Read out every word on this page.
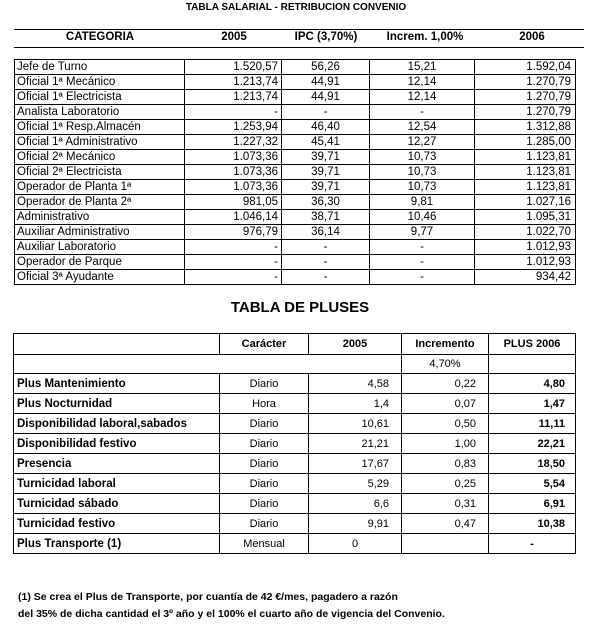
TABLA SALARIAL - RETRIBUCION CONVENIO
CATEGORIA	2005	IPC (3,70%)	Increm. 1,00%	2006
Jefe de Turno	1.520,57	56,26	15,21	1.592,04
Oficial 1ª Mecánico	1.213,74	44,91	12,14	1.270,79
Oficial 1ª Electricista	1.213,74	44,91	12,14	1.270,79
Analista Laboratorio	-	-	-	1.270,79
Oficial 1ª Resp.Almacén	1.253,94	46,40	12,54	1.312,88
Oficial 1ª Administrativo	1.227,32	45,41	12,27	1.285,00
Oficial 2ª Mecánico	1.073,36	39,71	10,73	1.123,81
Oficial 2ª Electricista	1.073,36	39,71	10,73	1.123,81
Operador de Planta 1ª	1.073,36	39,71	10,73	1.123,81
Operador de Planta 2ª	981,05	36,30	9,81	1.027,16
Administrativo	1.046,14	38,71	10,46	1.095,31
Auxiliar Administrativo	976,79	36,14	9,77	1.022,70
Auxiliar Laboratorio	-	-	-	1.012,93
Operador de Parque	-	-	-	1.012,93
Oficial 3ª Ayudante	-	-	-	934,42
TABLA DE PLUSES
	Carácter	2005	Incremento	PLUS 2006
			4,70%	
Plus Mantenimiento	Diario	4,58	0,22	4,80
Plus Nocturnidad	Hora	1,4	0,07	1,47
Disponibilidad laboral,sabados	Diario	10,61	0,50	11,11
Disponibilidad festivo	Diario	21,21	1,00	22,21
Presencia	Diario	17,67	0,83	18,50
Turnicidad laboral	Diario	5,29	0,25	5,54
Turnicidad sábado	Diario	6,6	0,31	6,91
Turnicidad festivo	Diario	9,91	0,47	10,38
Plus Transporte (1)	Mensual	0		-
(1) Se crea el Plus de Transporte, por cuantía de 42 €/mes, pagadero a razón
del 35% de dicha cantidad el 3º año y el 100% el cuarto año de vigencia del Convenio.
